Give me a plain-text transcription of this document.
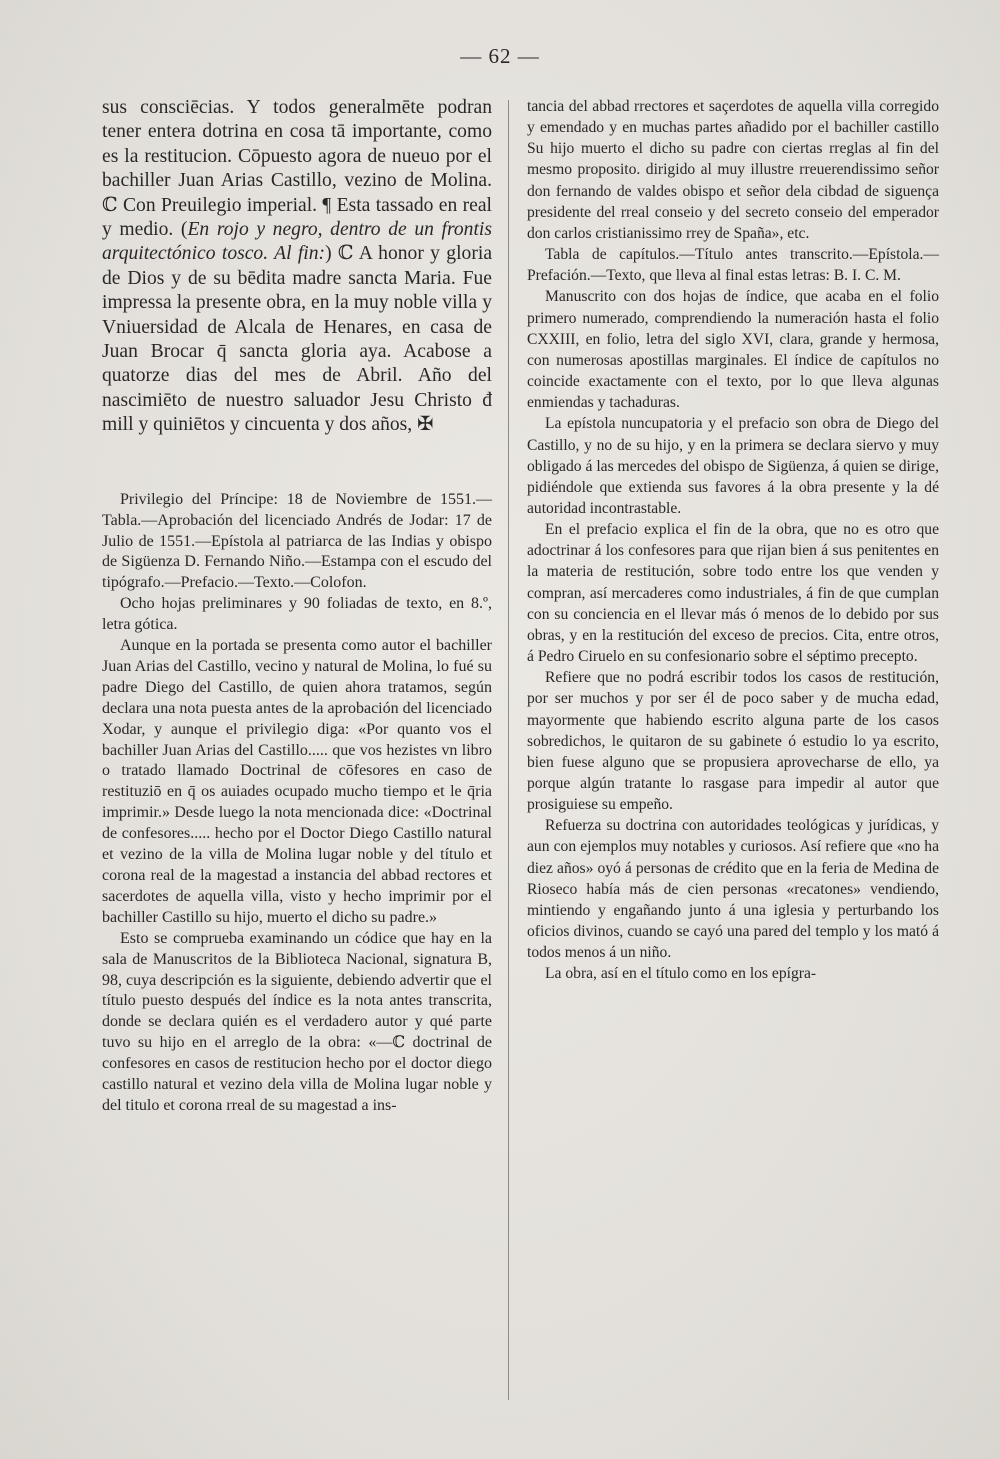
— 62 —

sus consciēcias. Y todos generalmēte podran tener entera dotrina en cosa tā importante, como es la restitucion. Cōpuesto agora de nueuo por el bachiller Juan Arias Castillo, vezino de Molina. ℂ Con Preuilegio imperial. ¶ Esta tassado en real y medio. (En rojo y negro, dentro de un frontis arquitectónico tosco. Al fin:) ℂ A honor y gloria de Dios y de su bēdita madre sancta Maria. Fue impressa la presente obra, en la muy noble villa y Vniuersidad de Alcala de Henares, en casa de Juan Brocar q̄ sancta gloria aya. Acabose a quatorze dias del mes de Abril. Año del nascimiēto de nuestro saluador Jesu Christo đ mill y quiniētos y cincuenta y dos años, ✠

Privilegio del Príncipe: 18 de Noviembre de 1551.—Tabla.—Aprobación del licenciado Andrés de Jodar: 17 de Julio de 1551.—Epístola al patriarca de las Indias y obispo de Sigüenza D. Fernando Niño.—Estampa con el escudo del tipógrafo.—Prefacio.—Texto.—Colofon.

Ocho hojas preliminares y 90 foliadas de texto, en 8.º, letra gótica.

Aunque en la portada se presenta como autor el bachiller Juan Arias del Castillo, vecino y natural de Molina, lo fué su padre Diego del Castillo, de quien ahora tratamos, según declara una nota puesta antes de la aprobación del licenciado Xodar, y aunque el privilegio diga: «Por quanto vos el bachiller Juan Arias del Castillo..... que vos hezistes vn libro o tratado llamado Doctrinal de cōfesores en caso de restituziō en q̄ os auiades ocupado mucho tiempo et le q̄ria imprimir.» Desde luego la nota mencionada dice: «Doctrinal de confesores..... hecho por el Doctor Diego Castillo natural et vezino de la villa de Molina lugar noble y del título et corona real de la magestad a instancia del abbad rectores et sacerdotes de aquella villa, visto y hecho imprimir por el bachiller Castillo su hijo, muerto el dicho su padre.»

Esto se comprueba examinando un códice que hay en la sala de Manuscritos de la Biblioteca Nacional, signatura B, 98, cuya descripción es la siguiente, debiendo advertir que el título puesto después del índice es la nota antes transcrita, donde se declara quién es el verdadero autor y qué parte tuvo su hijo en el arreglo de la obra: «—ℂ doctrinal de confesores en casos de restitucion hecho por el doctor diego castillo natural et vezino dela villa de Molina lugar noble y del titulo et corona rreal de su magestad a ins-

tancia del abbad rrectores et saçerdotes de aquella villa corregido y emendado y en muchas partes añadido por el bachiller castillo Su hijo muerto el dicho su padre con ciertas rreglas al fin del mesmo proposito. dirigido al muy illustre rreuerendissimo señor don fernando de valdes obispo et señor dela cibdad de siguença presidente del rreal conseio y del secreto conseio del emperador don carlos cristianissimo rrey de Spaña», etc.

Tabla de capítulos.—Título antes transcrito.—Epístola.—Prefación.—Texto, que lleva al final estas letras: B. I. C. M.

Manuscrito con dos hojas de índice, que acaba en el folio primero numerado, comprendiendo la numeración hasta el folio CXXIII, en folio, letra del siglo XVI, clara, grande y hermosa, con numerosas apostillas marginales. El índice de capítulos no coincide exactamente con el texto, por lo que lleva algunas enmiendas y tachaduras.

La epístola nuncupatoria y el prefacio son obra de Diego del Castillo, y no de su hijo, y en la primera se declara siervo y muy obligado á las mercedes del obispo de Sigüenza, á quien se dirige, pidiéndole que extienda sus favores á la obra presente y la dé autoridad incontrastable.

En el prefacio explica el fin de la obra, que no es otro que adoctrinar á los confesores para que rijan bien á sus penitentes en la materia de restitución, sobre todo entre los que venden y compran, así mercaderes como industriales, á fin de que cumplan con su conciencia en el llevar más ó menos de lo debido por sus obras, y en la restitución del exceso de precios. Cita, entre otros, á Pedro Ciruelo en su confesionario sobre el séptimo precepto.

Refiere que no podrá escribir todos los casos de restitución, por ser muchos y por ser él de poco saber y de mucha edad, mayormente que habiendo escrito alguna parte de los casos sobredichos, le quitaron de su gabinete ó estudio lo ya escrito, bien fuese alguno que se propusiera aprovecharse de ello, ya porque algún tratante lo rasgase para impedir al autor que prosiguiese su empeño.

Refuerza su doctrina con autoridades teológicas y jurídicas, y aun con ejemplos muy notables y curiosos. Así refiere que «no ha diez años» oyó á personas de crédito que en la feria de Medina de Rioseco había más de cien personas «recatones» vendiendo, mintiendo y engañando junto á una iglesia y perturbando los oficios divinos, cuando se cayó una pared del templo y los mató á todos menos á un niño.

La obra, así en el título como en los epígra-
